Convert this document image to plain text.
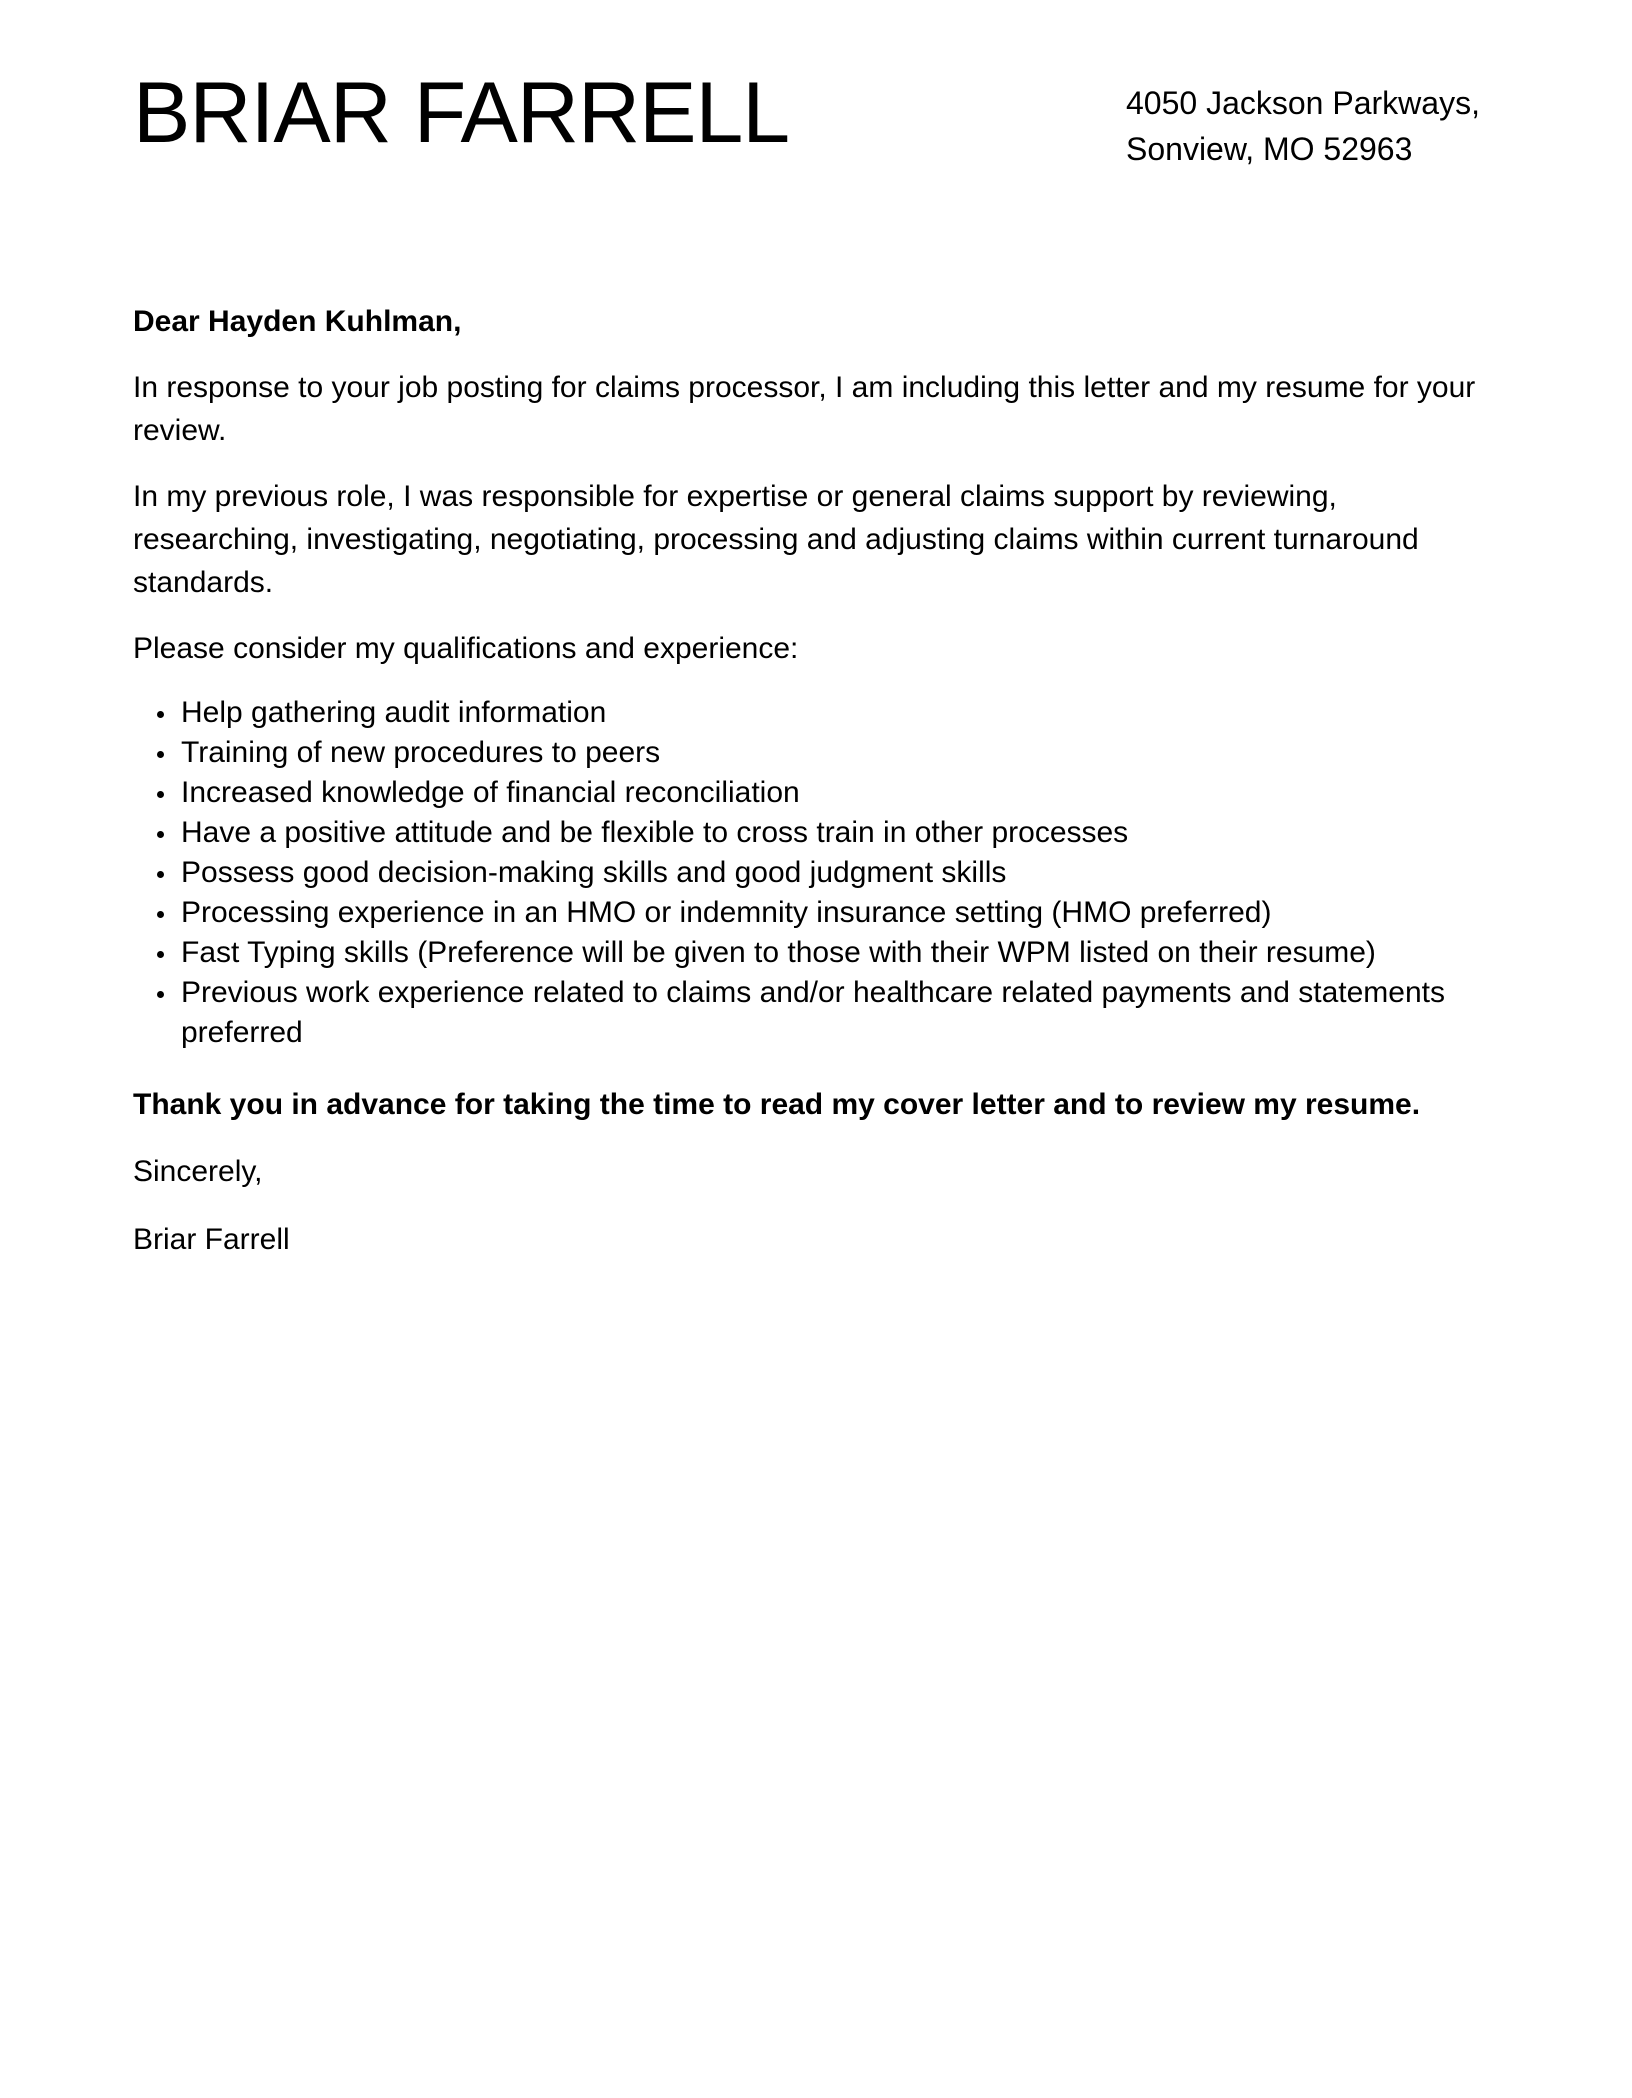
BRIAR FARRELL	4050 Jackson Parkways,
Sonview, MO 52963

Dear Hayden Kuhlman,

In response to your job posting for claims processor, I am including this letter and my resume for your review.

In my previous role, I was responsible for expertise or general claims support by reviewing, researching, investigating, negotiating, processing and adjusting claims within current turnaround standards.

Please consider my qualifications and experience:

Help gathering audit information
Training of new procedures to peers
Increased knowledge of financial reconciliation
Have a positive attitude and be flexible to cross train in other processes
Possess good decision-making skills and good judgment skills
Processing experience in an HMO or indemnity insurance setting (HMO preferred)
Fast Typing skills (Preference will be given to those with their WPM listed on their resume)
Previous work experience related to claims and/or healthcare related payments and statements preferred

Thank you in advance for taking the time to read my cover letter and to review my resume.

Sincerely,

Briar Farrell
